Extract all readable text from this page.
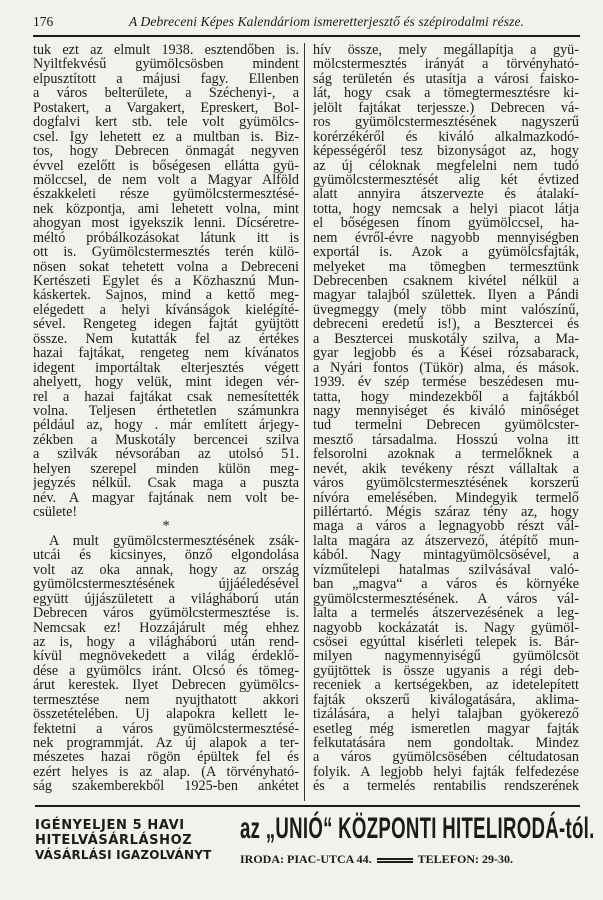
176	A Debreceni Képes Kalendáriom ismeretterjesztő és szépirodalmi része.
tuk ezt az elmult 1938. esztendőben is.
Nyiltfekvésű gyümölcsösben mindent
elpusztított a májusi fagy. Ellenben
a város belterülete, a Széchenyi-, a
Postakert, a Vargakert, Epreskert, Bol-
dogfalvi kert stb. tele volt gyümölcs-
csel. Így lehetett ez a multban is. Biz-
tos, hogy Debrecen önmagát negyven
évvel ezelőtt is bőségesen ellátta gyü-
mölccsel, de nem volt a Magyar Alföld
északkeleti része gyümölcstermesztésé-
nek központja, ami lehetett volna, mint
ahogyan most igyekszik lenni. Dícséretre-
méltó próbálkozásokat látunk itt is
ott is. Gyümölcstermesztés terén külö-
nösen sokat tehetett volna a Debreceni
Kertészeti Egylet és a Közhasznú Mun-
káskertek. Sajnos, mind a kettő meg-
elégedett a helyi kívánságok kielégíté-
sével. Rengeteg idegen fajtát gyüjtött
össze. Nem kutatták fel az értékes
hazai fajtákat, rengeteg nem kívánatos
idegent importáltak elterjesztés végett
ahelyett, hogy velük, mint idegen vér-
rel a hazai fajtákat csak nemesítették
volna. Teljesen érthetetlen számunkra
például az, hogy . már említett árjegy-
zékben a Muskotály bercencei szilva
a szilvák névsorában az utolsó 51.
helyen szerepel minden külön meg-
jegyzés nélkül. Csak maga a puszta
név. A magyar fajtának nem volt be-
csülete!
*
A mult gyümölcstermesztésének zsák-
utcái és kicsinyes, önző elgondolása
volt az oka annak, hogy az ország
gyümölcstermesztésének újjáéledésével
együtt újjászületett a világháború után
Debrecen város gyümölcstermesztése is.
Nemcsak ez! Hozzájárult még ehhez
az is, hogy a világháború után rend-
kívül megnövekedett a világ érdeklő-
dése a gyümölcs iránt. Olcsó és tömeg-
árut kerestek. Ilyet Debrecen gyümölcs-
termesztése nem nyujthatott akkori
összetételében. Új alapokra kellett le-
fektetni a város gyümölcstermesztésé-
nek programmját. Az új alapok a ter-
mészetes hazai rögön épültek fel és
ezért helyes is az alap. (A törvényható-
ság szakemberekből 1925-ben ankétet
hív össze, mely megállapítja a gyü-
mölcstermesztés irányát a törvényható-
ság területén és utasítja a városi faisko-
lát, hogy csak a tömegtermesztésre ki-
jelölt fajtákat terjessze.) Debrecen vá-
ros gyümölcstermesztésének nagyszerű
korérzékéről és kiváló alkalmazkodó-
képességéről tesz bizonyságot az, hogy
az új céloknak megfelelni nem tudó
gyümölcstermesztését alig két évtized
alatt annyira átszervezte és átalakí-
totta, hogy nemcsak a helyi piacot látja
el bőségesen fínom gyümölccsel, ha-
nem évről-évre nagyobb mennyiségben
exportál is. Azok a gyümölcsfajták,
melyeket ma tömegben termesztünk
Debrecenben csaknem kivétel nélkül a
magyar talajból születtek. Ilyen a Pándi
üvegmeggy (mely több mint valószínű,
debreceni eredetű is!), a Besztercei és
a Besztercei muskotály szilva, a Ma-
gyar legjobb és a Kései rózsabarack,
a Nyári fontos (Tükör) alma, és mások.
1939. év szép termése beszédesen mu-
tatta, hogy mindezekből a fajtákból
nagy mennyiséget és kiváló minőséget
tud termelni Debrecen gyümölcster-
mesztő társadalma. Hosszú volna itt
felsorolni azoknak a termelőknek a
nevét, akik tevékeny részt vállaltak a
város gyümölcstermesztésének korszerű
nívóra emelésében. Mindegyik termelő
pillértartó. Mégis száraz tény az, hogy
maga a város a legnagyobb részt vál-
lalta magára az átszervező, átépítő mun-
kából. Nagy mintagyümölcsösével, a
vízműtelepi hatalmas szilvásával való-
ban „magva“ a város és környéke
gyümölcstermesztésének. A város vál-
lalta a termelés átszervezésének a leg-
nagyobb kockázatát is. Nagy gyümöl-
csösei egyúttal kisérleti telepek is. Bár-
milyen nagymennyiségű gyümölcsöt
gyüjtöttek is össze ugyanis a régi deb-
receniek a kertségekben, az idetelepített
fajták okszerű kiválogatására, aklima-
tizálására, a helyi talajban gyökerező
esetleg még ismeretlen magyar fajták
felkutatására nem gondoltak. Mindez
a város gyümölcsösében céltudatosan
folyik. A legjobb helyi fajták felfedezése
és a termelés rentabilis rendszerének
IGÉNYELJEN 5 HAVI
HITELVÁSÁRLÁSHOZ
VÁSÁRLÁSI IGAZOLVÁNYT
az „UNIÓ“ KÖZPONTI HITELIRODÁ-tól.
IRODA: PIAC-UTCA 44.	TELEFON: 29-30.
